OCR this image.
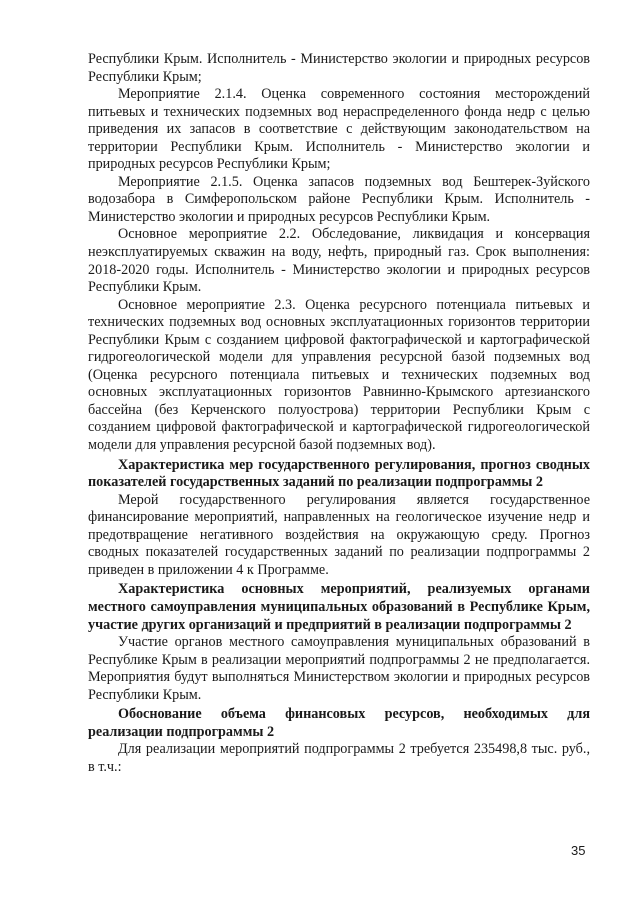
Республики Крым. Исполнитель - Министерство экологии и природных ресурсов Республики Крым;

Мероприятие 2.1.4. Оценка современного состояния месторождений питьевых и технических подземных вод нераспределенного фонда недр с целью приведения их запасов в соответствие с действующим законодательством на территории Республики Крым. Исполнитель - Министерство экологии и природных ресурсов Республики Крым;

Мероприятие 2.1.5. Оценка запасов подземных вод Бештерек-Зуйского водозабора в Симферопольском районе Республики Крым. Исполнитель - Министерство экологии и природных ресурсов Республики Крым.

Основное мероприятие 2.2. Обследование, ликвидация и консервация неэксплуатируемых скважин на воду, нефть, природный газ. Срок выполнения: 2018-2020 годы. Исполнитель - Министерство экологии и природных ресурсов Республики Крым.

Основное мероприятие 2.3. Оценка ресурсного потенциала питьевых и технических подземных вод основных эксплуатационных горизонтов территории Республики Крым с созданием цифровой фактографической и картографической гидрогеологической модели для управления ресурсной базой подземных вод (Оценка ресурсного потенциала питьевых и технических подземных вод основных эксплуатационных горизонтов Равнинно-Крымского артезианского бассейна (без Керченского полуострова) территории Республики Крым с созданием цифровой фактографической и картографической гидрогеологической модели для управления ресурсной базой подземных вод).

Характеристика мер государственного регулирования, прогноз сводных показателей государственных заданий по реализации подпрограммы 2

Мерой государственного регулирования является государственное финансирование мероприятий, направленных на геологическое изучение недр и предотвращение негативного воздействия на окружающую среду. Прогноз сводных показателей государственных заданий по реализации подпрограммы 2 приведен в приложении 4 к Программе.

Характеристика основных мероприятий, реализуемых органами местного самоуправления муниципальных образований в Республике Крым, участие других организаций и предприятий в реализации подпрограммы 2

Участие органов местного самоуправления муниципальных образований в Республике Крым в реализации мероприятий подпрограммы 2 не предполагается. Мероприятия будут выполняться Министерством экологии и природных ресурсов Республики Крым.

Обоснование объема финансовых ресурсов, необходимых для реализации подпрограммы 2

Для реализации мероприятий подпрограммы 2 требуется 235498,8 тыс. руб., в т.ч.:

35
